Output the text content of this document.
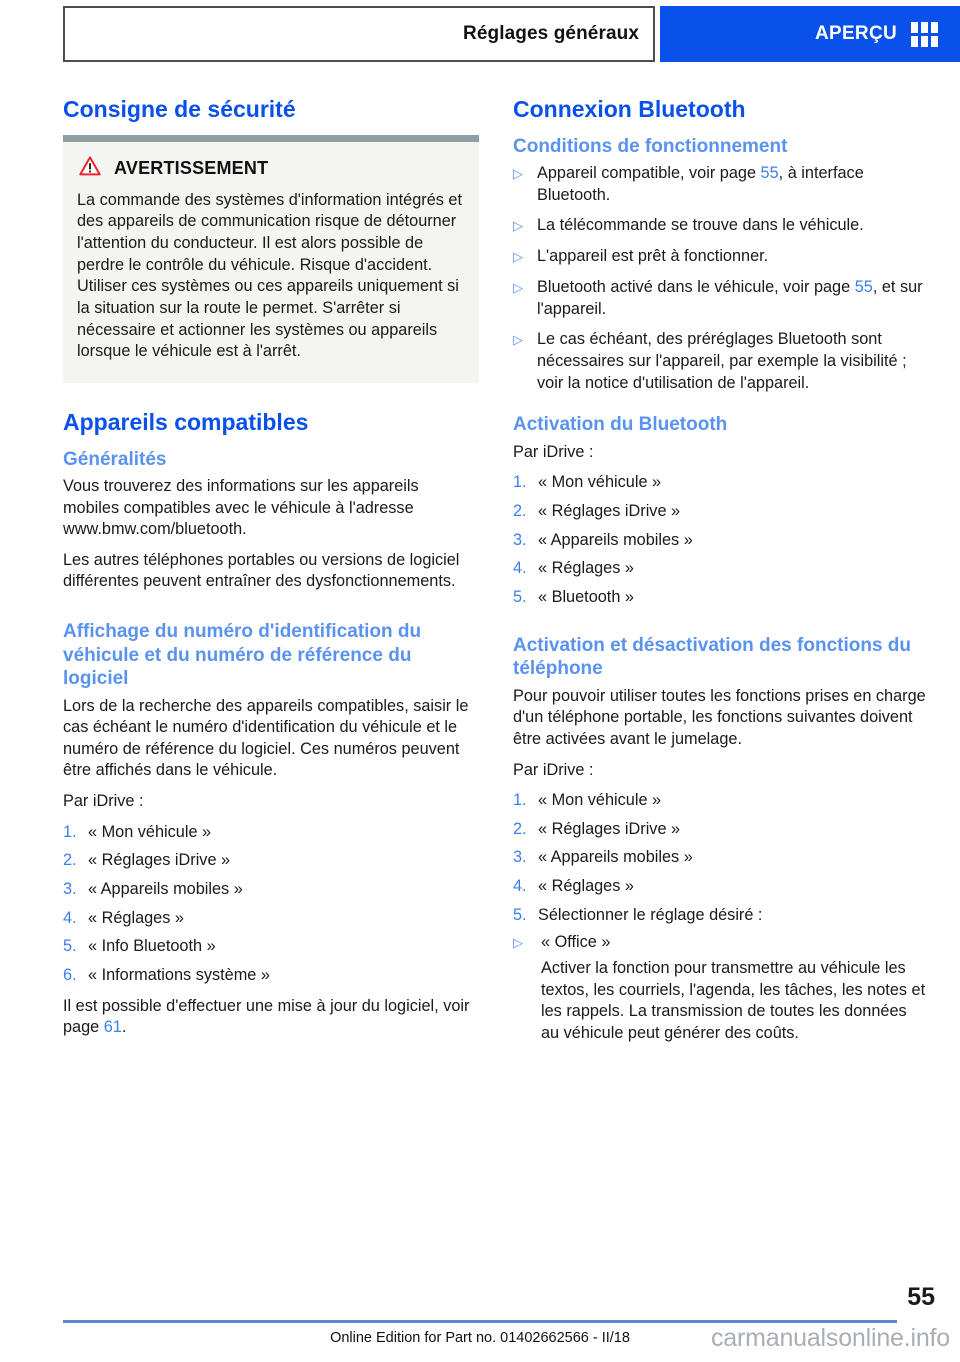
Réglages généraux	APERÇU
Consigne de sécurité
AVERTISSEMENT

La commande des systèmes d'information intégrés et des appareils de communication risque de détourner l'attention du conducteur. Il est alors possible de perdre le contrôle du véhicule. Risque d'accident. Utiliser ces systèmes ou ces appareils uniquement si la situation sur la route le permet. S'arrêter si nécessaire et actionner les systèmes ou appareils lorsque le véhicule est à l'arrêt.

Appareils compatibles
Généralités

Vous trouverez des informations sur les appareils mobiles compatibles avec le véhicule à l'adresse www.bmw.com/bluetooth.

Les autres téléphones portables ou versions de logiciel différentes peuvent entraîner des dysfonctionnements.

Affichage du numéro d'identification du véhicule et du numéro de référence du logiciel

Lors de la recherche des appareils compatibles, saisir le cas échéant le numéro d'identification du véhicule et le numéro de référence du logiciel. Ces numéros peuvent être affichés dans le véhicule.

Par iDrive :

1. « Mon véhicule »
2. « Réglages iDrive »
3. « Appareils mobiles »
4. « Réglages »
5. « Info Bluetooth »
6. « Informations système »

Il est possible d'effectuer une mise à jour du logiciel, voir page 61.

Connexion Bluetooth
Conditions de fonctionnement
▷ Appareil compatible, voir page 55, à interface Bluetooth.
▷ La télécommande se trouve dans le véhicule.
▷ L'appareil est prêt à fonctionner.
▷ Bluetooth activé dans le véhicule, voir page 55, et sur l'appareil.
▷ Le cas échéant, des préréglages Bluetooth sont nécessaires sur l'appareil, par exemple la visibilité ; voir la notice d'utilisation de l'appareil.
Activation du Bluetooth

Par iDrive :

1. « Mon véhicule »
2. « Réglages iDrive »
3. « Appareils mobiles »
4. « Réglages »
5. « Bluetooth »
Activation et désactivation des fonctions du téléphone

Pour pouvoir utiliser toutes les fonctions prises en charge d'un téléphone portable, les fonctions suivantes doivent être activées avant le jumelage.

Par iDrive :

1. « Mon véhicule »
2. « Réglages iDrive »
3. « Appareils mobiles »
4. « Réglages »
5. Sélectionner le réglage désiré :
▷	« Office »
Activer la fonction pour transmettre au véhicule les textos, les courriels, l'agenda, les tâches, les notes et les rappels. La transmission de toutes les données au véhicule peut générer des coûts.
55
Online Edition for Part no. 01402662566 - II/18	carmanualsonline.info
